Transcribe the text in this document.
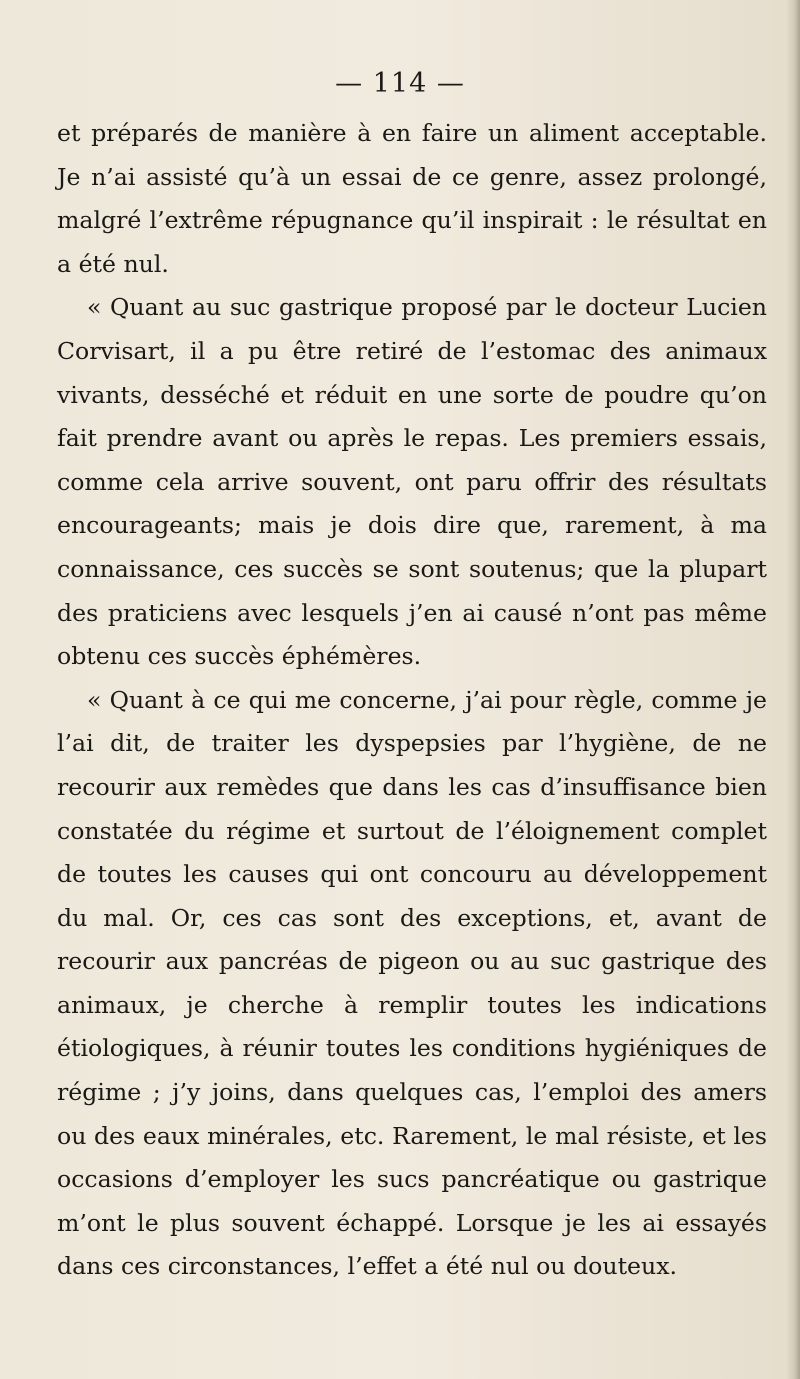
— 114 —

et préparés de manière à en faire un aliment acceptable. Je n’ai assisté qu’à un essai de ce genre, assez prolongé, malgré l’extrême répugnance qu’il inspirait : le résultat en a été nul.

« Quant au suc gastrique proposé par le docteur Lucien Corvisart, il a pu être retiré de l’estomac des animaux vivants, desséché et réduit en une sorte de poudre qu’on fait prendre avant ou après le repas. Les premiers essais, comme cela arrive souvent, ont paru offrir des résultats encourageants; mais je dois dire que, rarement, à ma connaissance, ces succès se sont soutenus; que la plupart des praticiens avec lesquels j’en ai causé n’ont pas même obtenu ces succès éphémères.

« Quant à ce qui me concerne, j’ai pour règle, comme je l’ai dit, de traiter les dyspepsies par l’hygiène, de ne recourir aux remèdes que dans les cas d’insuffisance bien constatée du régime et surtout de l’éloignement complet de toutes les causes qui ont concouru au développement du mal. Or, ces cas sont des exceptions, et, avant de recourir aux pancréas de pigeon ou au suc gastrique des animaux, je cherche à remplir toutes les indications étiologiques, à réunir toutes les conditions hygiéniques de régime ; j’y joins, dans quelques cas, l’emploi des amers ou des eaux minérales, etc. Rarement, le mal résiste, et les occasions d’employer les sucs pancréatique ou gastrique m’ont le plus souvent échappé. Lorsque je les ai essayés dans ces circonstances, l’effet a été nul ou douteux.
